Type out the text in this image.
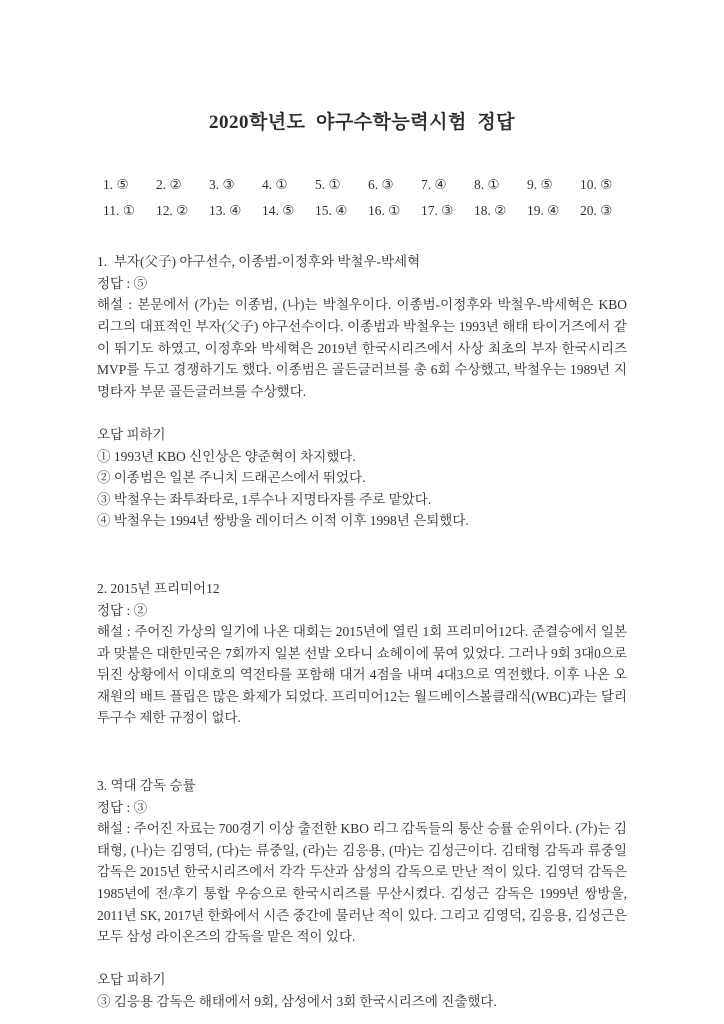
2020학년도  야구수학능력시험  정답
1. ⑤	2. ②	3. ③	4. ①	5. ①	6. ③	7. ④	8. ①	9. ⑤	10. ⑤
11. ①	12. ②	13. ④	14. ⑤	15. ④	16. ①	17. ③	18. ②	19. ④	20. ③
1.  부자(父子) 야구선수, 이종범-이정후와 박철우-박세혁
정답 : ⑤

해설 : 본문에서 (가)는 이종범, (나)는 박철우이다. 이종범-이정후와 박철우-박세혁은 KBO 리그의 대표적인 부자(父子) 야구선수이다. 이종범과 박철우는 1993년 해태 타이거즈에서 같이 뛰기도 하였고, 이정후와 박세혁은 2019년 한국시리즈에서 사상 최초의 부자 한국시리즈 MVP를 두고 경쟁하기도 했다. 이종범은 골든글러브를 총 6회 수상했고, 박철우는 1989년 지명타자 부문 골든글러브를 수상했다.

오답 피하기
① 1993년 KBO 신인상은 양준혁이 차지했다.
② 이종범은 일본 주니치 드래곤스에서 뛰었다.
③ 박철우는 좌투좌타로, 1루수나 지명타자를 주로 맡았다.
④ 박철우는 1994년 쌍방울 레이더스 이적 이후 1998년 은퇴했다.
2. 2015년 프리미어12
정답 : ②

해설 : 주어진 가상의 일기에 나온 대회는 2015년에 열린 1회 프리미어12다. 준결승에서 일본과 맞붙은 대한민국은 7회까지 일본 선발 오타니 쇼헤이에 묶여 있었다. 그러나 9회 3대0으로 뒤진 상황에서 이대호의 역전타를 포함해 대거 4점을 내며 4대3으로 역전했다. 이후 나온 오재원의 배트 플립은 많은 화제가 되었다. 프리미어12는 월드베이스볼클래식(WBC)과는 달리 투구수 제한 규정이 없다.

3. 역대 감독 승률
정답 : ③

해설 : 주어진 자료는 700경기 이상 출전한 KBO 리그 감독들의 통산 승률 순위이다. (가)는 김태형, (나)는 김영덕, (다)는 류중일, (라)는 김응용, (마)는 김성근이다. 김태형 감독과 류중일 감독은 2015년 한국시리즈에서 각각 두산과 삼성의 감독으로 만난 적이 있다. 김영덕 감독은 1985년에 전/후기 통합 우승으로 한국시리즈를 무산시켰다. 김성근 감독은 1999년 쌍방울, 2011년 SK, 2017년 한화에서 시즌 중간에 물러난 적이 있다. 그리고 김영덕, 김응용, 김성근은 모두 삼성 라이온즈의 감독을 맡은 적이 있다.

오답 피하기
③ 김응용 감독은 해태에서 9회, 삼성에서 3회 한국시리즈에 진출했다.
